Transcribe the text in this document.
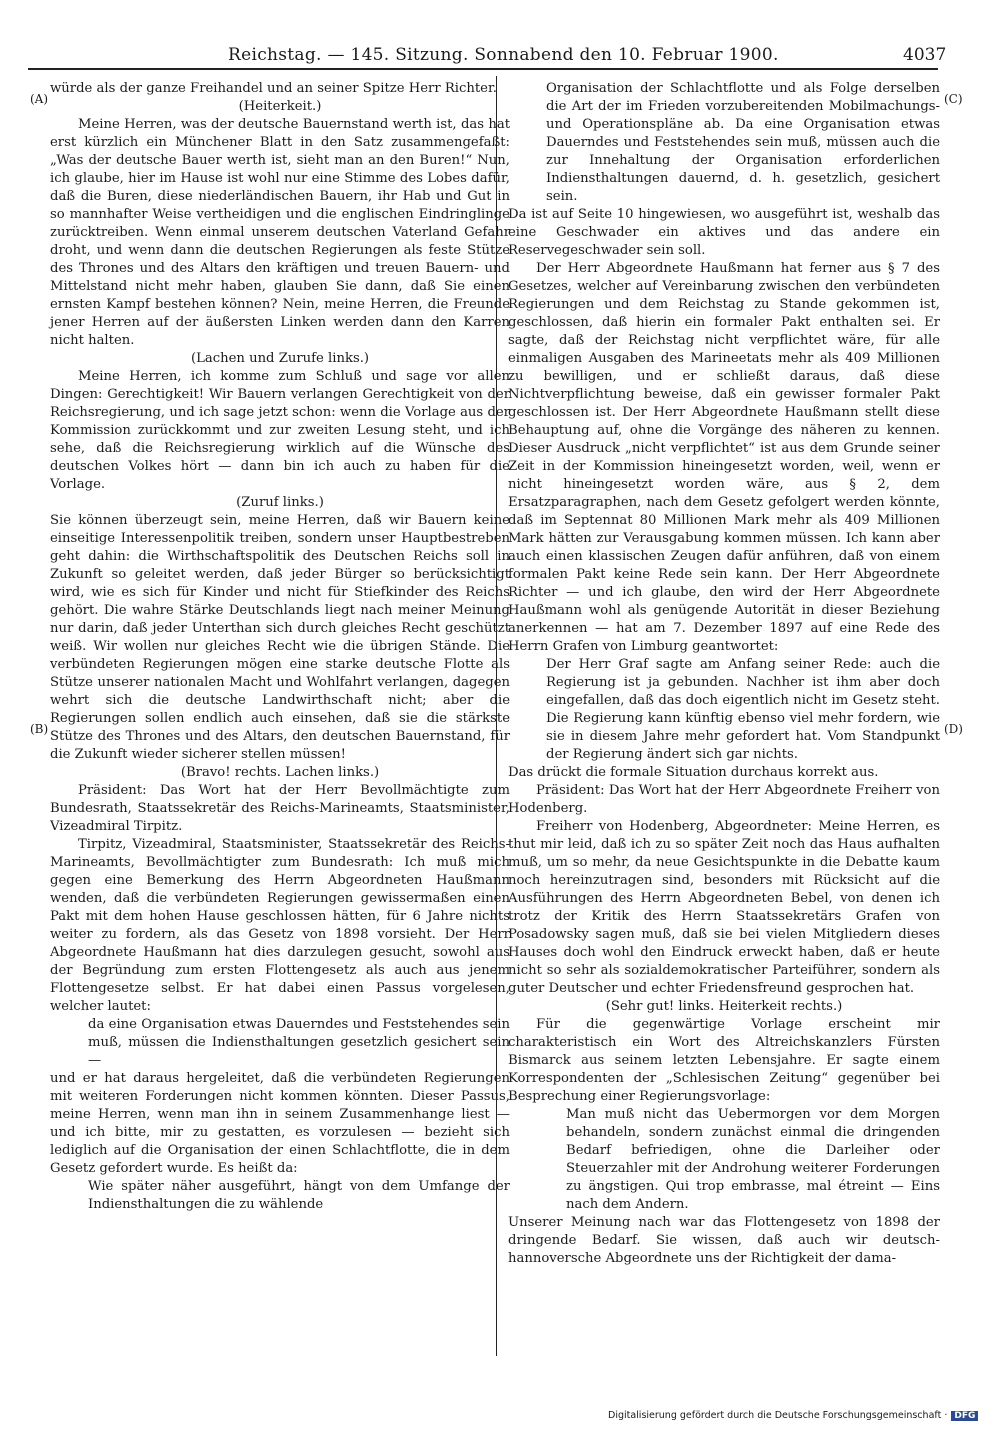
Reichstag. — 145. Sitzung. Sonnabend den 10. Februar 1900.	4037
(A)
(B)
(C)
(D)

würde als der ganze Freihandel und an seiner Spitze Herr Richter.

(Heiterkeit.)

Meine Herren, was der deutsche Bauernstand werth ist, das hat erst kürzlich ein Münchener Blatt in den Satz zusammengefaßt: „Was der deutsche Bauer werth ist, sieht man an den Buren!“ Nun, ich glaube, hier im Hause ist wohl nur eine Stimme des Lobes dafür, daß die Buren, diese niederländischen Bauern, ihr Hab und Gut in so mannhafter Weise vertheidigen und die englischen Eindringlinge zurücktreiben. Wenn einmal unserem deutschen Vaterland Gefahr droht, und wenn dann die deutschen Regierungen als feste Stütze des Thrones und des Altars den kräftigen und treuen Bauern- und Mittelstand nicht mehr haben, glauben Sie dann, daß Sie einen ernsten Kampf bestehen können? Nein, meine Herren, die Freunde jener Herren auf der äußersten Linken werden dann den Karren nicht halten.

(Lachen und Zurufe links.)

Meine Herren, ich komme zum Schluß und sage vor allen Dingen: Gerechtigkeit! Wir Bauern verlangen Gerechtigkeit von der Reichsregierung, und ich sage jetzt schon: wenn die Vorlage aus der Kommission zurückkommt und zur zweiten Lesung steht, und ich sehe, daß die Reichsregierung wirklich auf die Wünsche des deutschen Volkes hört — dann bin ich auch zu haben für die Vorlage.

(Zuruf links.)

Sie können überzeugt sein, meine Herren, daß wir Bauern keine einseitige Interessenpolitik treiben, sondern unser Hauptbestreben geht dahin: die Wirthschaftspolitik des Deutschen Reichs soll in Zukunft so geleitet werden, daß jeder Bürger so berücksichtigt wird, wie es sich für Kinder und nicht für Stiefkinder des Reichs gehört. Die wahre Stärke Deutschlands liegt nach meiner Meinung nur darin, daß jeder Unterthan sich durch gleiches Recht geschützt weiß. Wir wollen nur gleiches Recht wie die übrigen Stände. Die verbündeten Regierungen mögen eine starke deutsche Flotte als Stütze unserer nationalen Macht und Wohlfahrt verlangen, dagegen wehrt sich die deutsche Landwirthschaft nicht; aber die Regierungen sollen endlich auch einsehen, daß sie die stärkste Stütze des Thrones und des Altars, den deutschen Bauernstand, für die Zukunft wieder sicherer stellen müssen!

(Bravo! rechts. Lachen links.)

Präsident: Das Wort hat der Herr Bevollmächtigte zum Bundesrath, Staatssekretär des Reichs-Marineamts, Staatsminister, Vizeadmiral Tirpitz.

Tirpitz, Vizeadmiral, Staatsminister, Staatssekretär des Reichs-Marineamts, Bevollmächtigter zum Bundesrath: Ich muß mich gegen eine Bemerkung des Herrn Abgeordneten Haußmann wenden, daß die verbündeten Regierungen gewissermaßen einen Pakt mit dem hohen Hause geschlossen hätten, für 6 Jahre nichts weiter zu fordern, als das Gesetz von 1898 vorsieht. Der Herr Abgeordnete Haußmann hat dies darzulegen gesucht, sowohl aus der Begründung zum ersten Flottengesetz als auch aus jenem Flottengesetze selbst. Er hat dabei einen Passus vorgelesen, welcher lautet:

da eine Organisation etwas Dauerndes und Feststehendes sein muß, müssen die Indiensthaltungen gesetzlich gesichert sein —

und er hat daraus hergeleitet, daß die verbündeten Regierungen mit weiteren Forderungen nicht kommen könnten. Dieser Passus, meine Herren, wenn man ihn in seinem Zusammenhange liest — und ich bitte, mir zu gestatten, es vorzulesen — bezieht sich lediglich auf die Organisation der einen Schlachtflotte, die in dem Gesetz gefordert wurde. Es heißt da:

Wie später näher ausgeführt, hängt von dem Umfange der Indiensthaltungen die zu wählende

Organisation der Schlachtflotte und als Folge derselben die Art der im Frieden vorzubereitenden Mobilmachungs- und Operationspläne ab. Da eine Organisation etwas Dauerndes und Feststehendes sein muß, müssen auch die zur Innehaltung der Organisation erforderlichen Indiensthaltungen dauernd, d. h. gesetzlich, gesichert sein.

Da ist auf Seite 10 hingewiesen, wo ausgeführt ist, weshalb das eine Geschwader ein aktives und das andere ein Reservegeschwader sein soll.

Der Herr Abgeordnete Haußmann hat ferner aus § 7 des Gesetzes, welcher auf Vereinbarung zwischen den verbündeten Regierungen und dem Reichstag zu Stande gekommen ist, geschlossen, daß hierin ein formaler Pakt enthalten sei. Er sagte, daß der Reichstag nicht verpflichtet wäre, für alle einmaligen Ausgaben des Marineetats mehr als 409 Millionen zu bewilligen, und er schließt daraus, daß diese Nichtverpflichtung beweise, daß ein gewisser formaler Pakt geschlossen ist. Der Herr Abgeordnete Haußmann stellt diese Behauptung auf, ohne die Vorgänge des näheren zu kennen. Dieser Ausdruck „nicht verpflichtet“ ist aus dem Grunde seiner Zeit in der Kommission hineingesetzt worden, weil, wenn er nicht hineingesetzt worden wäre, aus § 2, dem Ersatzparagraphen, nach dem Gesetz gefolgert werden könnte, daß im Septennat 80 Millionen Mark mehr als 409 Millionen Mark hätten zur Verausgabung kommen müssen. Ich kann aber auch einen klassischen Zeugen dafür anführen, daß von einem formalen Pakt keine Rede sein kann. Der Herr Abgeordnete Richter — und ich glaube, den wird der Herr Abgeordnete Haußmann wohl als genügende Autorität in dieser Beziehung anerkennen — hat am 7. Dezember 1897 auf eine Rede des Herrn Grafen von Limburg geantwortet:

Der Herr Graf sagte am Anfang seiner Rede: auch die Regierung ist ja gebunden. Nachher ist ihm aber doch eingefallen, daß das doch eigentlich nicht im Gesetz steht. Die Regierung kann künftig ebenso viel mehr fordern, wie sie in diesem Jahre mehr gefordert hat. Vom Standpunkt der Regierung ändert sich gar nichts.

Das drückt die formale Situation durchaus korrekt aus.

Präsident: Das Wort hat der Herr Abgeordnete Freiherr von Hodenberg.

Freiherr von Hodenberg, Abgeordneter: Meine Herren, es thut mir leid, daß ich zu so später Zeit noch das Haus aufhalten muß, um so mehr, da neue Gesichtspunkte in die Debatte kaum noch hereinzutragen sind, besonders mit Rücksicht auf die Ausführungen des Herrn Abgeordneten Bebel, von denen ich trotz der Kritik des Herrn Staatssekretärs Grafen von Posadowsky sagen muß, daß sie bei vielen Mitgliedern dieses Hauses doch wohl den Eindruck erweckt haben, daß er heute nicht so sehr als sozialdemokratischer Parteiführer, sondern als guter Deutscher und echter Friedensfreund gesprochen hat.

(Sehr gut! links. Heiterkeit rechts.)

Für die gegenwärtige Vorlage erscheint mir charakteristisch ein Wort des Altreichskanzlers Fürsten Bismarck aus seinem letzten Lebensjahre. Er sagte einem Korrespondenten der „Schlesischen Zeitung“ gegenüber bei Besprechung einer Regierungsvorlage:

Man muß nicht das Uebermorgen vor dem Morgen behandeln, sondern zunächst einmal die dringenden Bedarf befriedigen, ohne die Darleiher oder Steuerzahler mit der Androhung weiterer Forderungen zu ängstigen. Qui trop embrasse, mal étreint — Eins nach dem Andern.

Unserer Meinung nach war das Flottengesetz von 1898 der dringende Bedarf. Sie wissen, daß auch wir deutsch-hannoversche Abgeordnete uns der Richtigkeit der dama-

Digitalisierung gefördert durch die Deutsche Forschungsgemeinschaft · DFG
